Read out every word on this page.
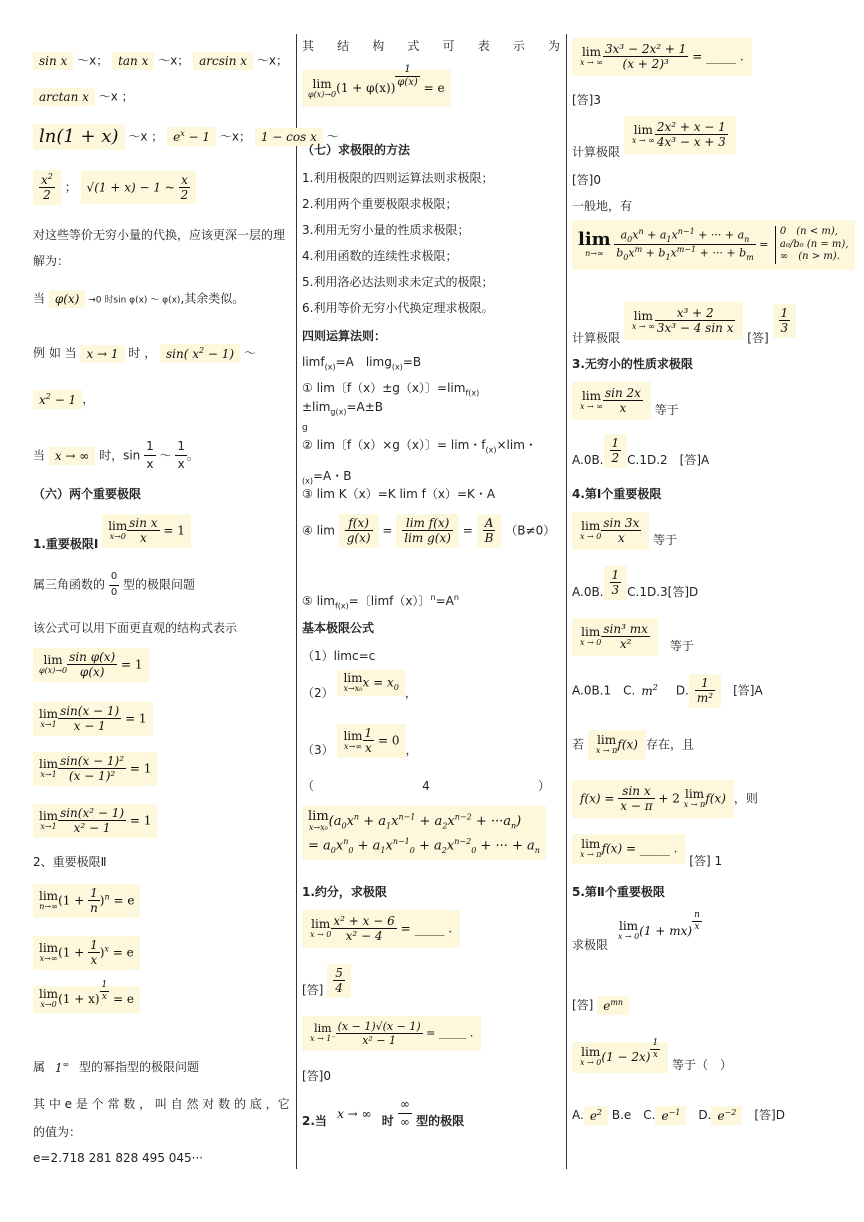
sin x ～x； tan x ～x； arcsin x ～x；
arctan x ～x ；
ln(1 + x) ～x ； $e^x - 1$ ～x； 1 − cos x ～
$\frac{x^2}{2}$ ； √(1 + x) − 1 ~ $\frac{x}{2}$
对这些等价无穷小量的代换，应该更深一层的理解为：
当 φ(x) →0 时sin φ(x) ～ φ(x),其余类似。
例 如 当 x → 1 时 ， sin( $x^2 - 1$) ～
$x^2 - 1$ ，
当 x → ∞ 时，$\sin \frac{1}{x}$ ～ $\frac{1}{x}$ 。
（六）两个重要极限
1.重要极限Ⅰ
lim
$x\to 0 \frac{\text{sin x}}{x} = 1$
属三角函数的 $\frac{0}{0}$ 型的极限问题
该公式可以用下面更直观的结构式表示
lim
$\varphi(x)\to 0 \frac{\text{sin φ(x)}}{\varphi(x)} = 1$
lim
$x\to 1 \frac{\sin(x - 1)}{x - 1} = 1$
lim
$x\to 1 \frac{\text{sin(x − 1)²}}{\text{(x − 1)²}} = 1$
lim
$x\to 1 \frac{\text{sin(x² − 1)}}{\text{x² − 1}} = 1$
2、重要极限Ⅱ
lim
n→∞ $(1 + \frac{1}{n} )^n = e$
lim
x→∞ $(1 + \frac{1}{x} )^x = e$
lim
x→0 $(1 + x) \frac{1}{x} = e$
属 1∞ 型的幂指型的极限问题
其 中 e 是 个 常 数 ， 叫 自 然 对 数 的 底 ，它的值为：
e=2.718 281 828 495 045···
其 结 构 式 可 表 示 为
lim
φ(x)→0 $(1 + \varphi(x)) \frac{1}{\varphi(x)} = e$
（七）求极限的方法
1.利用极限的四则运算法则求极限；
2.利用两个重要极限求极限；
3.利用无穷小量的性质求极限；
4.利用函数的连续性求极限；
5.利用洛必达法则求未定式的极限；
6.利用等价无穷小代换定理求极限。
四则运算法则：
limf$_{(x)}$=A　limg$_{(x)}$=B
① lim〔f（x）±g（x）〕$=\lim_{f(x)}\pm\lim_{g(x)}=A\pm B$
g
② lim〔f（x）×g（x）〕= lim・$f_{(x)}\times\lim$・$_{(x)}$=A・B
③ lim K（x）=K lim f（x）=K・A
④ $\lim \frac{f(x)}{g(x)} = \frac{\text{lim f(x)}}{\text{lim g(x)}} = \frac{A}{B} (B\ne 0)$
⑤ $\lim_{f(x)}=$〔limf（x）〕$^n=A^n$
基本极限公式
（1）limc=c
（2）
lim
x→x₀ $x = x_0$ ，
（3）
lim
$x\to\infty \frac{1}{x} = 0$，
（	4	）
lim
x→x₀ $(a_0x^n + a_1x^{n-1} + a_2x^{n-2} + \cdot\cdot\cdot a_n)$
= $a_0x^n_0 + a_1x^{n-1}_0 + a_2x^{n-2}_0$ + ··· + $a_n$
1.约分，求极限
lim
$x \to 0 \frac{\text{x² + x − 6}}{\text{x² − 4}}$ = _____ .
[答] $\frac{5}{4}$
lim
$x \to 1^- \frac{(x - 1)√(x - 1)}{\text{x² − 1}}$ = _____ .
[答]0
2.当 x → ∞ 时 $\frac{\infty}{\infty}$ 型的极限
lim
x → ∞ $\frac{\text{3x³ − 2x² + 1}}{\text{(x + 2)³}}$ = _____ .
[答]3
计算极限
lim
x → ∞ $\frac{\text{2x² + x − 1}}{\text{4x³ − x + 3}}$
[答]0
一般地，有
lim
n→∞
$\frac{a_0x^n + a_1x^{n-1} + \cdot\cdot\cdot + a_n}{b_0x^m + b_1x^{m-1} + \cdot\cdot\cdot + b_m}$ =
0　(n < m),
a₀/b₀ (n = m),
∞　(n > m).
计算极限
lim
x → ∞ $\frac{\text{x³ + 2}}{\text{3x³ − 4 sin x}}$
[答]
$\frac{1}{3}$
3.无穷小的性质求极限
lim
x → ∞ $\frac{\sin 2x}{x}$ 等于
A.0B. $\frac{1}{2} C.1D.2$　[答]A
4.第Ⅰ个重要极限
lim
$x \to 0 \frac{\sin 3x}{x}$ 等于
A.0B. $\frac{1}{3} C.1D.3$[答]D
lim
$x \to 0 \frac{\text{sin³ mx}}{\text{x²}}$ 　等于
A.0B.1　C. $m^2$　D. $\frac{1}{\text{m²}}$ 　[答]A
若 lim
x → π f(x) 存在，且
$f(x) = \frac{\text{sin x}}{x - \pi} + 2$ lim
x → π f(x) ，则
lim
x → π f(x) = _____ . [答] 1
5.第Ⅱ个重要极限
求极限
lim
x → 0 $(1 + mx) \frac{n}{x}$
[答] $e^{mn}$
lim
x → 0 $(1 - 2x) \frac{1}{x}$
等于（　）
A. $e^2$ B.e　C. $e^{-1}$　D. $e^{-2}$　[答]D
